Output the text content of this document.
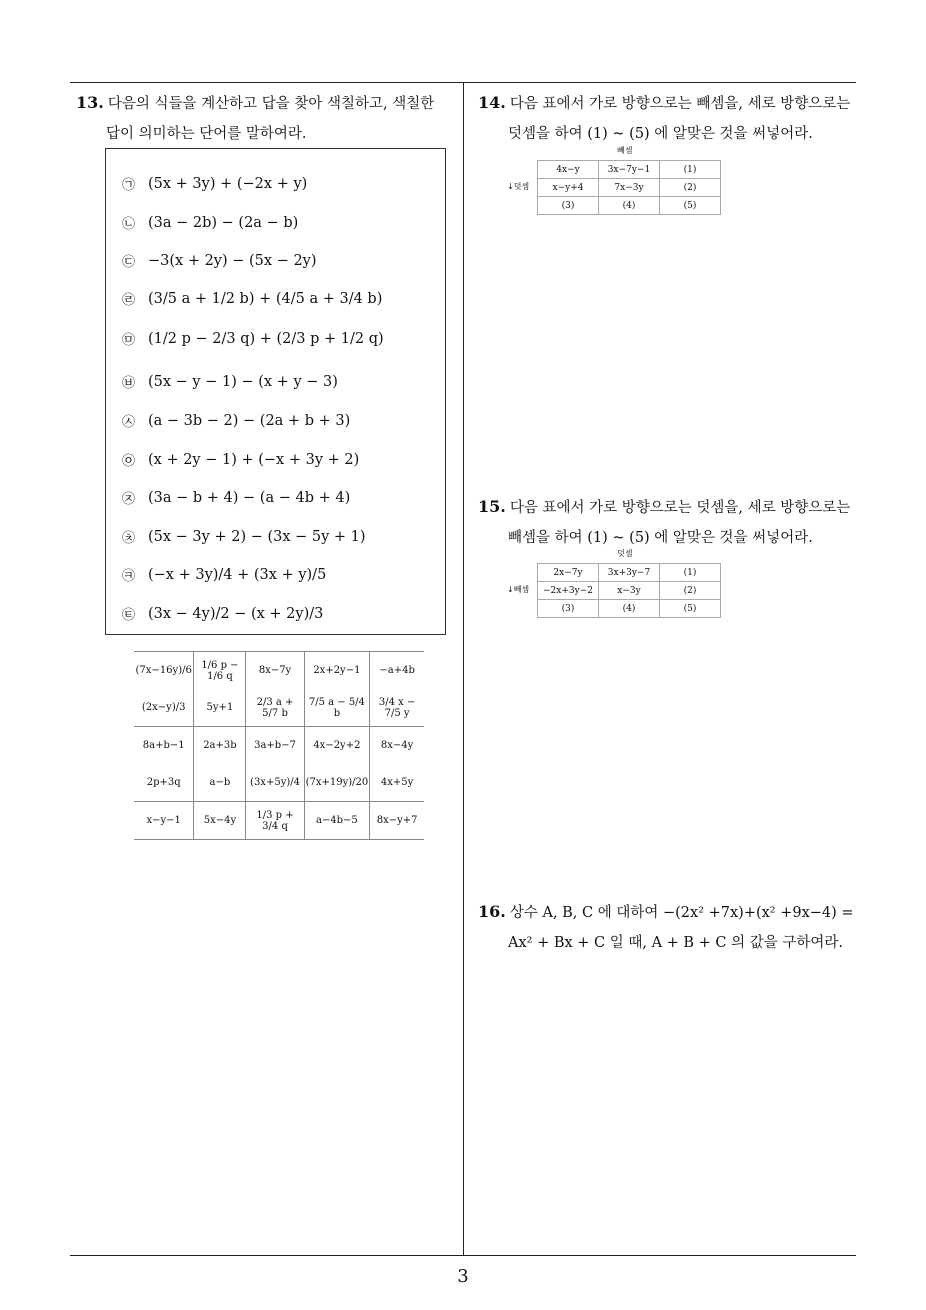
13. 다음의 식들을 계산하고 답을 찾아 색칠하고, 색칠한
답이 의미하는 단어를 말하여라.
㉠ (5x + 3y) + (−2x + y)
㉡ (3a − 2b) − (2a − b)
㉢ −3(x + 2y) − (5x − 2y)
㉣ (3/5 a + 1/2 b) + (4/5 a + 3/4 b)
㉤ (1/2 p − 2/3 q) + (2/3 p + 1/2 q)
㉥ (5x − y − 1) − (x + y − 3)
㉦ (a − 3b − 2) − (2a + b + 3)
㉧ (x + 2y − 1) + (−x + 3y + 2)
㉨ (3a − b + 4) − (a − 4b + 4)
㉩ (5x − 3y + 2) − (3x − 5y + 1)
㉪ (−x + 3y)/4 + (3x + y)/5
㉫ (3x − 4y)/2 − (x + 2y)/3
(7x−16y)/6	1/6 p − 1/6 q	8x−7y	2x+2y−1	−a+4b
(2x−y)/3	5y+1	2/3 a + 5/7 b	7/5 a − 5/4 b	3/4 x − 7/5 y
8a+b−1	2a+3b	3a+b−7	4x−2y+2	8x−4y
2p+3q	a−b	(3x+5y)/4	(7x+19y)/20	4x+5y
x−y−1	5x−4y	1/3 p + 3/4 q	a−4b−5	8x−y+7
14. 다음 표에서 가로 방향으로는 빼셈을, 세로 방향으로는
덧셈을 하여 (1) ~ (5) 에 알맞은 것을 써넣어라.
빼셈
↓덧셈
4x−y	3x−7y−1	(1)
x−y+4	7x−3y	(2)
(3)	(4)	(5)
15. 다음 표에서 가로 방향으로는 덧셈을, 세로 방향으로는
빼셈을 하여 (1) ~ (5) 에 알맞은 것을 써넣어라.
덧셈
↓빼셈
2x−7y	3x+3y−7	(1)
−2x+3y−2	x−3y	(2)
(3)	(4)	(5)
16. 상수 A, B, C 에 대하여 −(2x² +7x)+(x² +9x−4) =
Ax² + Bx + C 일 때, A + B + C 의 값을 구하여라.
3
